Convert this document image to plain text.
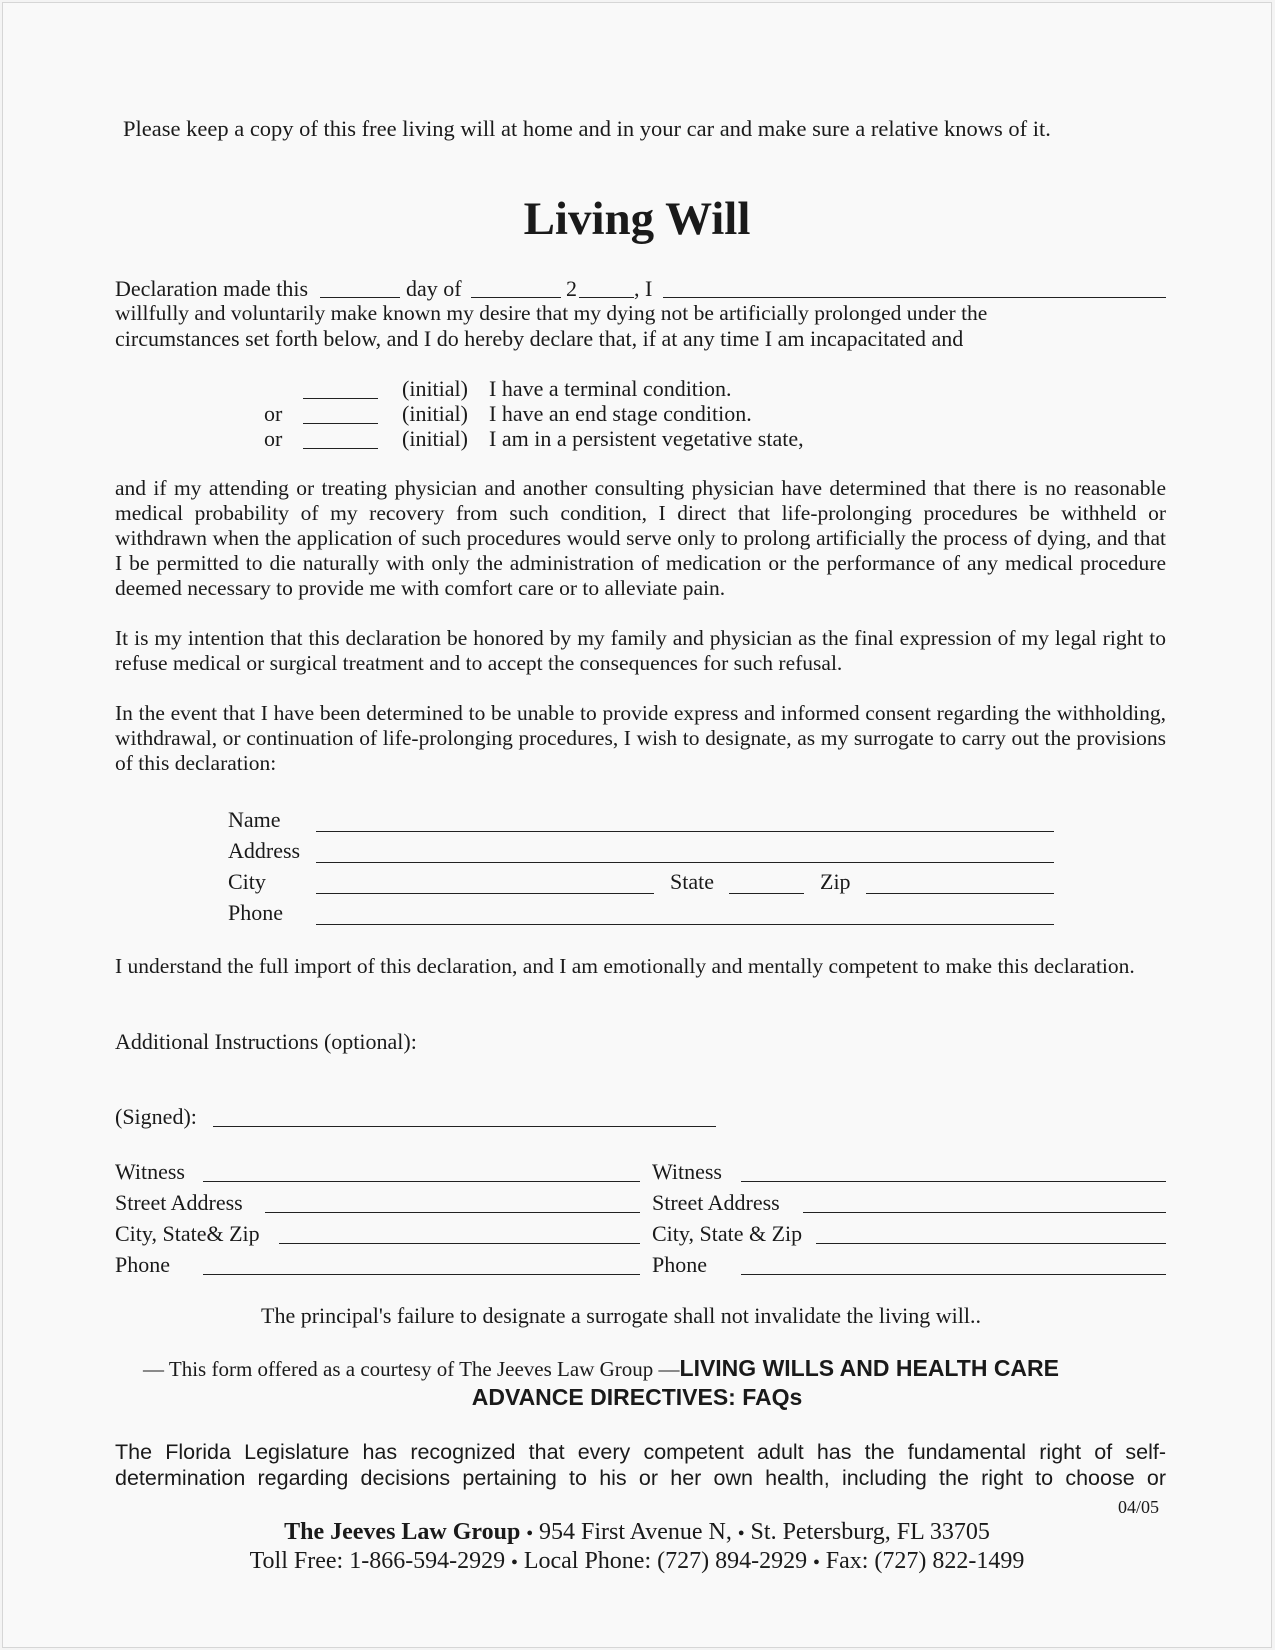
Please keep a copy of this free living will at home and in your car and make sure a relative knows of it.
Living Will
Declaration made this	day of	2	, I
willfully and voluntarily make known my desire that my dying not be artificially prolonged under the
circumstances set forth below, and I do hereby declare that, if at any time I am incapacitated and
(initial) I have a terminal condition.
or	(initial) I have an end stage condition.
or	(initial) I am in a persistent vegetative state,
and if my attending or treating physician and another consulting physician have determined that there is no reasonable medical probability of my recovery from such condition, I direct that life-prolonging procedures be withheld or withdrawn when the application of such procedures would serve only to prolong artificially the process of dying, and that I be permitted to die naturally with only the administration of medication or the performance of any medical procedure deemed necessary to provide me with comfort care or to alleviate pain.
It is my intention that this declaration be honored by my family and physician as the final expression of my legal right to refuse medical or surgical treatment and to accept the consequences for such refusal.
In the event that I have been determined to be unable to provide express and informed consent regarding the withholding, withdrawal, or continuation of life-prolonging procedures, I wish to designate, as my surrogate to carry out the provisions of this declaration:
Name
Address
City	State	Zip
Phone
I understand the full import of this declaration, and I am emotionally and mentally competent to make this declaration.
Additional Instructions (optional):
(Signed):
Witness
Street Address
City, State& Zip
Phone
Witness
Street Address
City, State & Zip
Phone
The principal's failure to designate a surrogate shall not invalidate the living will..
— This form offered as a courtesy of The Jeeves Law Group —LIVING WILLS AND HEALTH CARE
ADVANCE DIRECTIVES: FAQs
The Florida Legislature has recognized that every competent adult has the fundamental right of self-
determination regarding decisions pertaining to his or her own health, including the right to choose or
04/05
The Jeeves Law Group ● 954 First Avenue N, ● St. Petersburg, FL 33705
Toll Free: 1-866-594-2929 ● Local Phone: (727) 894-2929 ● Fax: (727) 822-1499
